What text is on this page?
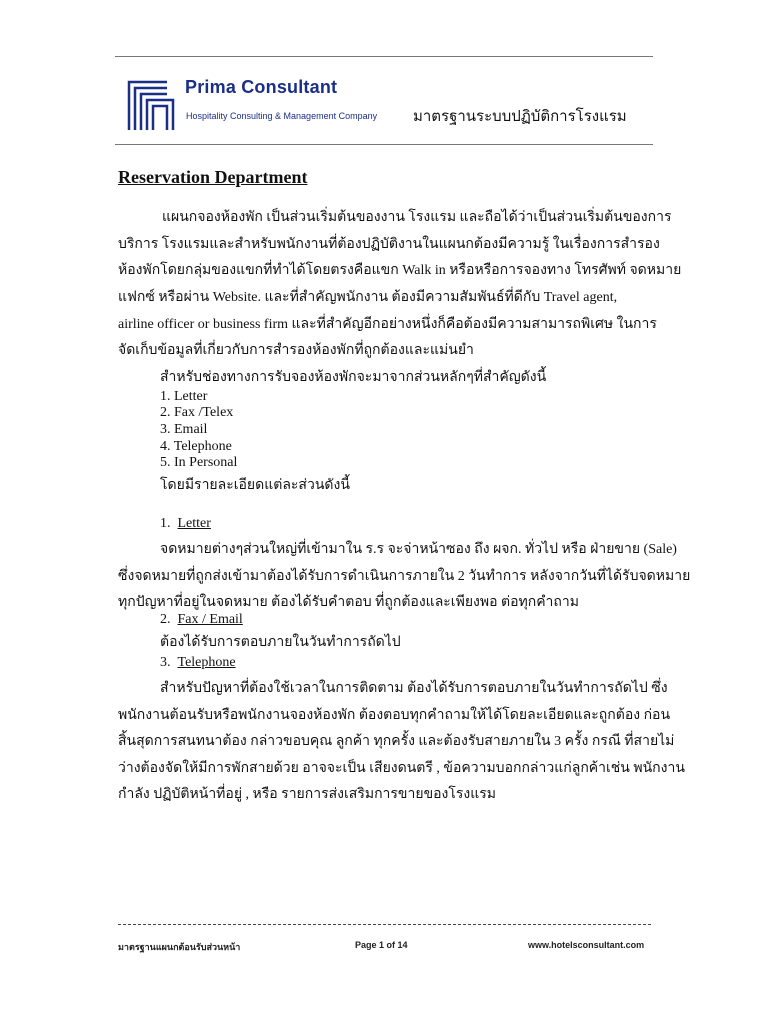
Prima Consultant
Hospitality Consulting & Management Company มาตรฐานระบบปฏิบัติการโรงแรม
Reservation Department
แผนกจองห้องพัก เป็นส่วนเริ่มต้นของงาน โรงแรม และถือได้ว่าเป็นส่วนเริ่มต้นของการ
บริการ โรงแรมและสำหรับพนักงานที่ต้องปฏิบัติงานในแผนกต้องมีความรู้ ในเรื่องการสำรอง
ห้องพักโดยกลุ่มของแขกที่ทำได้โดยตรงคือแขก Walk in หรือหรือการจองทาง โทรศัพท์ จดหมาย
แฟกซ์ หรือผ่าน Website. และที่สำคัญพนักงาน ต้องมีความสัมพันธ์ที่ดีกับ Travel agent,
airline officer or business firm และที่สำคัญอีกอย่างหนึ่งก็คือต้องมีความสามารถพิเศษ ในการ
จัดเก็บข้อมูลที่เกี่ยวกับการสำรองห้องพักที่ถูกต้องและแม่นยำ
สำหรับช่องทางการรับจองห้องพักจะมาจากส่วนหลักๆที่สำคัญดังนี้
1. Letter
2. Fax /Telex
3. Email
4. Telephone
5. In Personal
โดยมีรายละเอียดแต่ละส่วนดังนี้
1. Letter
จดหมายต่างๆส่วนใหญ่ที่เข้ามาใน ร.ร จะจ่าหน้าซอง ถึง ผจก. ทั่วไป หรือ ฝ่ายขาย (Sale)
ซึ่งจดหมายที่ถูกส่งเข้ามาต้องได้รับการดำเนินการภายใน 2 วันทำการ หลังจากวันที่ได้รับจดหมาย
ทุกปัญหาที่อยู่ในจดหมาย ต้องได้รับคำตอบ ที่ถูกต้องและเพียงพอ ต่อทุกคำถาม
2. Fax / Email
ต้องได้รับการตอบภายในวันทำการถัดไป
3. Telephone
สำหรับปัญหาที่ต้องใช้เวลาในการติดตาม ต้องได้รับการตอบภายในวันทำการถัดไป ซึ่ง
พนักงานต้อนรับหรือพนักงานจองห้องพัก ต้องตอบทุกคำถามให้ได้โดยละเอียดและถูกต้อง ก่อน
สิ้นสุดการสนทนาต้อง กล่าวขอบคุณ ลูกค้า ทุกครั้ง และต้องรับสายภายใน 3 ครั้ง กรณี ที่สายไม่
ว่างต้องจัดให้มีการพักสายด้วย อาจจะเป็น เสียงดนตรี , ข้อความบอกกล่าวแก่ลูกค้าเช่น พนักงาน
กำลัง ปฏิบัติหน้าที่อยู่ , หรือ รายการส่งเสริมการขายของโรงแรม
มาตรฐานแผนกต้อนรับส่วนหน้า	Page 1 of 14	www.hotelsconsultant.com
